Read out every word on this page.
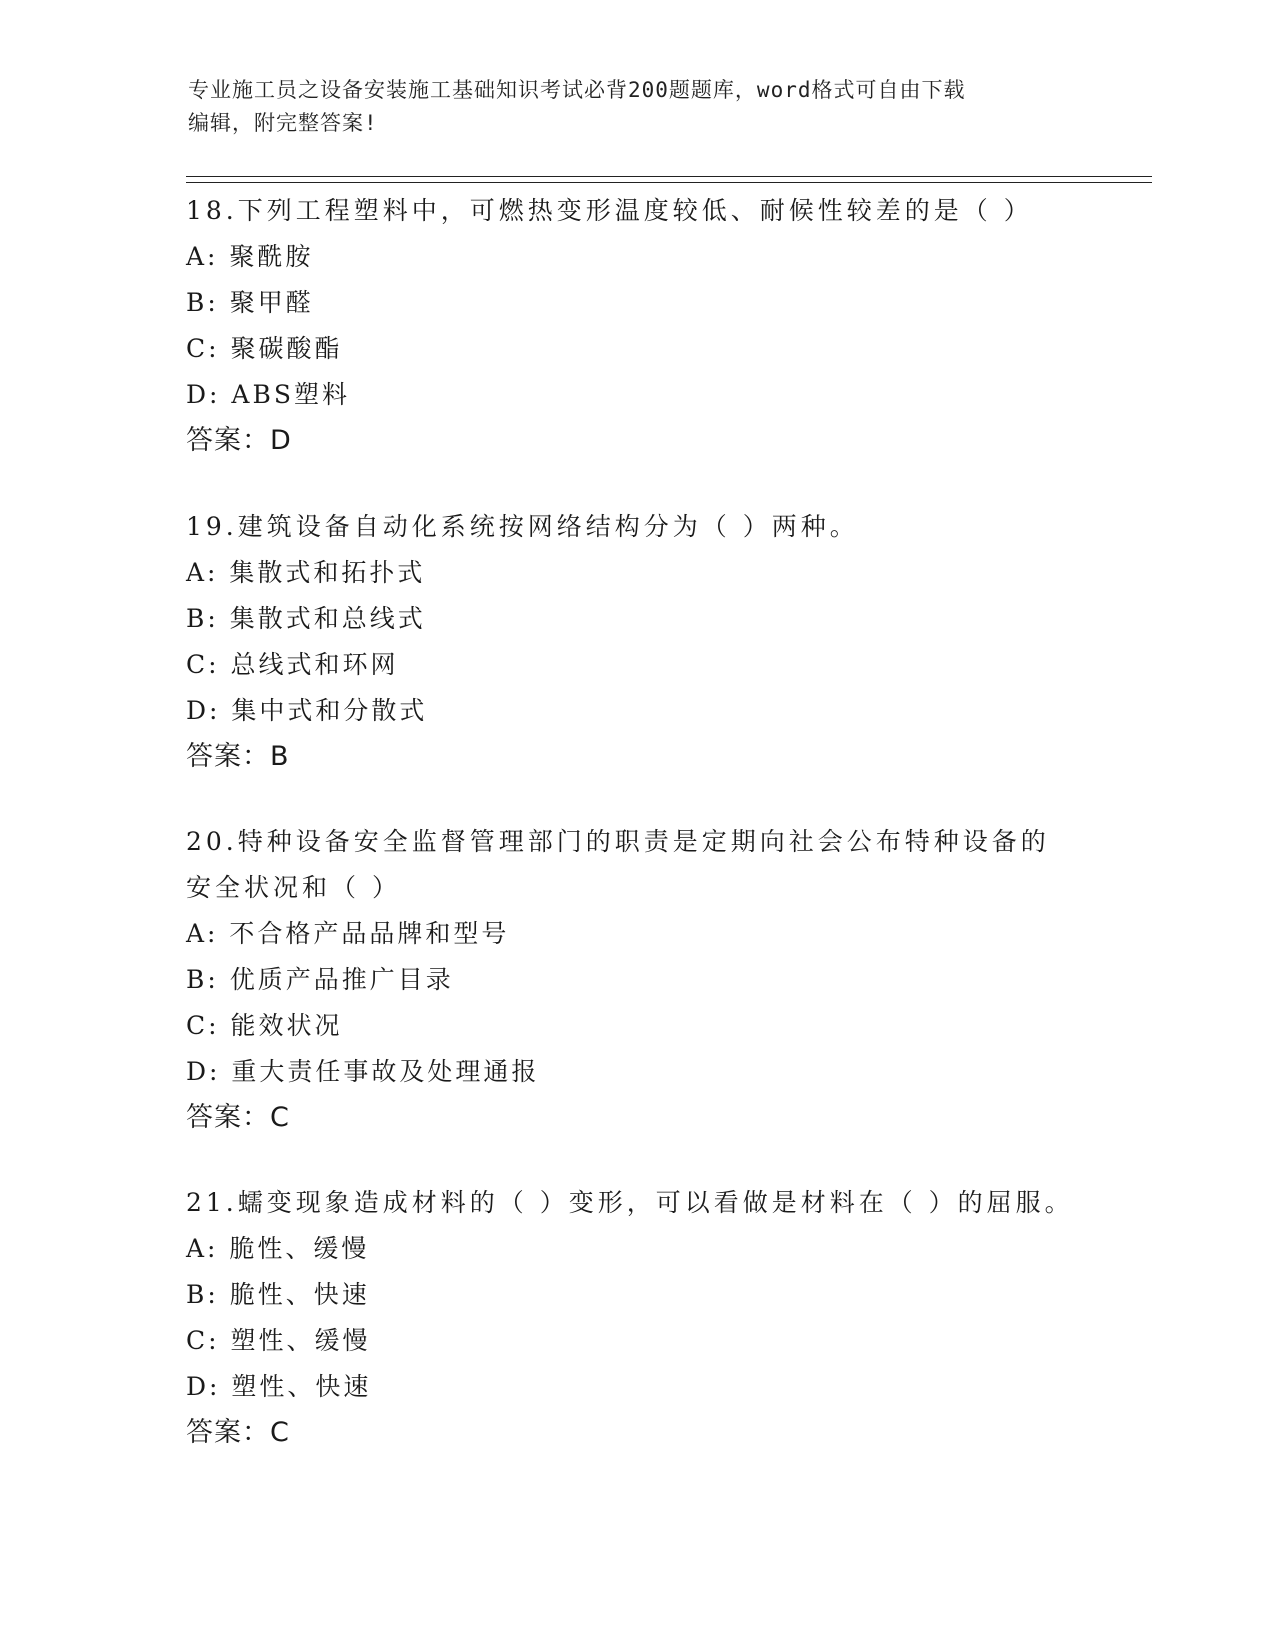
专业施工员之设备安装施工基础知识考试必背200题题库，word格式可自由下载
编辑，附完整答案!

18.下列工程塑料中，可燃热变形温度较低、耐候性较差的是（ ）

A: 聚酰胺

B: 聚甲醛

C: 聚碳酸酯

D: ABS塑料

答案：D

19.建筑设备自动化系统按网络结构分为（ ）两种。

A: 集散式和拓扑式

B: 集散式和总线式

C: 总线式和环网

D: 集中式和分散式

答案：B

20.特种设备安全监督管理部门的职责是定期向社会公布特种设备的安全状况和（ ）

A: 不合格产品品牌和型号

B: 优质产品推广目录

C: 能效状况

D: 重大责任事故及处理通报

答案：C

21.蠕变现象造成材料的（ ）变形，可以看做是材料在（ ）的屈服。

A: 脆性、缓慢

B: 脆性、快速

C: 塑性、缓慢

D: 塑性、快速

答案：C
